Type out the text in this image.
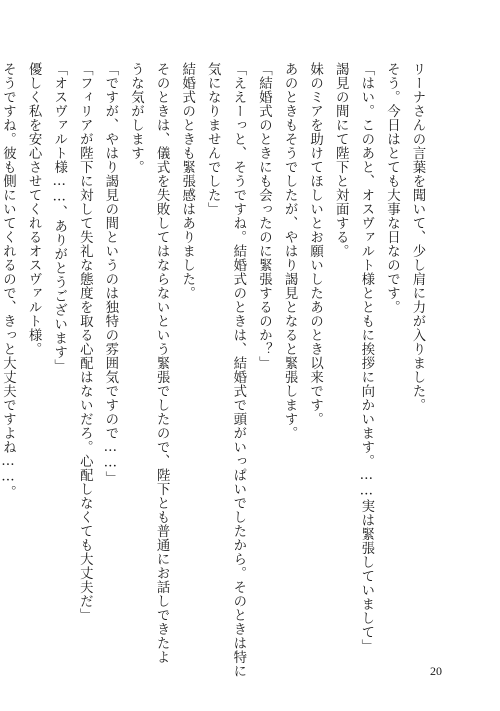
リーナさんの言葉を聞いて、少し肩に力が入りました。
そう。今日はとても大事な日なのです。
「はい。このあと、オスヴァルト様とともに挨拶に向かいます。……実は緊張していまして」
謁見の間にて陛下と対面する。
妹のミアを助けてほしいとお願いしたあのとき以来です。
あのときもそうでしたが、やはり謁見となると緊張します。
「結婚式のときにも会ったのに緊張するのか？」
「ええーっと、そうですね。結婚式のときは、結婚式で頭がいっぱいでしたから。そのときは特に
気になりませんでした」
結婚式のときも緊張感はありました。
そのときは、儀式を失敗してはならないという緊張でしたので、陛下とも普通にお話しできたよ
うな気がします。
「ですが、やはり謁見の間というのは独特の雰囲気ですので……」
「フィリアが陛下に対して失礼な態度を取る心配はないだろ。心配しなくても大丈夫だ」
「オスヴァルト様……、ありがとうございます」
優しく私を安心させてくれるオスヴァルト様。
そうですね。彼も側にいてくれるので、きっと大丈夫ですよね……。
20
